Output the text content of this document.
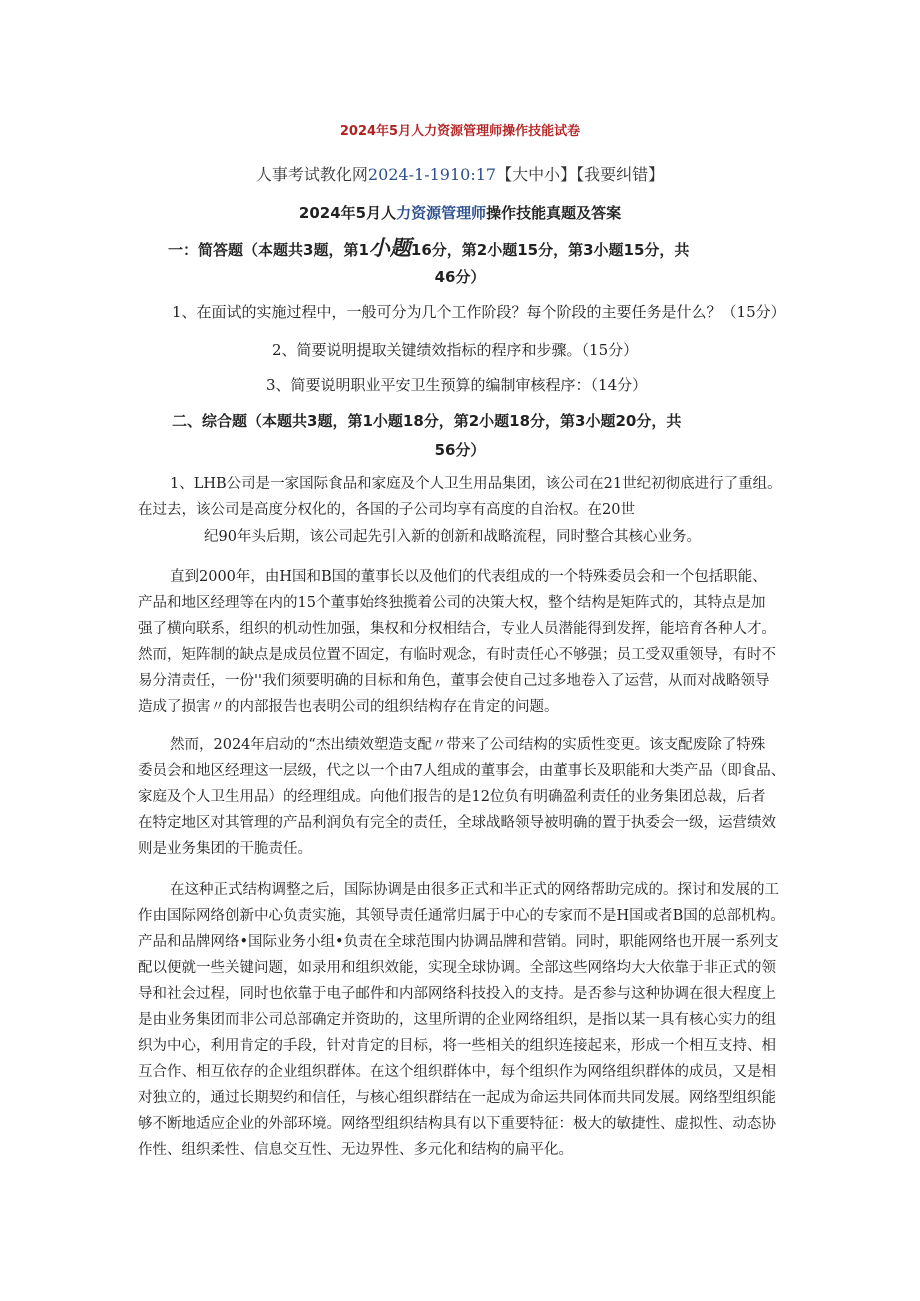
2024年5月人力资源管理师操作技能试卷
人事考试教化网2024-1-1910:17【大中小】【我要纠错】
2024年5月人力资源管理师操作技能真题及答案
一：简答题（本题共3题，第1小题16分，第2小题15分，第3小题15分，共
46分）
1、在面试的实施过程中，一般可分为几个工作阶段？每个阶段的主要任务是什么？（15分）
2、简要说明提取关键绩效指标的程序和步骤。（15分）
3、简要说明职业平安卫生预算的编制审核程序：（14分）
二、综合题（本题共3题，第1小题18分，第2小题18分，第3小题20分，共
56分）
1、LHB公司是一家国际食品和家庭及个人卫生用品集团，该公司在21世纪初彻底进行了重组。
在过去，该公司是高度分权化的，各国的子公司均享有高度的自治权。在20世
纪90年头后期，该公司起先引入新的创新和战略流程，同时整合其核心业务。
直到2000年，由H国和B国的董事长以及他们的代表组成的一个特殊委员会和一个包括职能、
产品和地区经理等在内的15个董事始终独揽着公司的决策大权，整个结构是矩阵式的，其特点是加
强了横向联系，组织的机动性加强，集权和分权相结合，专业人员潜能得到发挥，能培育各种人才。
然而，矩阵制的缺点是成员位置不固定，有临时观念，有时责任心不够强；员工受双重领导，有时不
易分清责任，一份''我们须要明确的目标和角色，董事会使自己过多地卷入了运营，从而对战略领导
造成了损害〃的内部报告也表明公司的组织结构存在肯定的问题。
然而，2024年启动的“杰出绩效塑造支配〃带来了公司结构的实质性变更。该支配废除了特殊
委员会和地区经理这一层级，代之以一个由7人组成的董事会，由董事长及职能和大类产品（即食品、
家庭及个人卫生用品）的经理组成。向他们报告的是12位负有明确盈利责任的业务集团总裁，后者
在特定地区对其管理的产品利润负有完全的责任，全球战略领导被明确的置于执委会一级，运营绩效
则是业务集团的干脆责任。
在这种正式结构调整之后，国际协调是由很多正式和半正式的网络帮助完成的。探讨和发展的工
作由国际网络创新中心负责实施，其领导责任通常归属于中心的专家而不是H国或者B国的总部机构。
产品和品牌网络•国际业务小组•负责在全球范围内协调品牌和营销。同时，职能网络也开展一系列支
配以便就一些关键问题，如录用和组织效能，实现全球协调。全部这些网络均大大依靠于非正式的领
导和社会过程，同时也依靠于电子邮件和内部网络科技投入的支持。是否参与这种协调在很大程度上
是由业务集团而非公司总部确定并资助的，这里所谓的企业网络组织，是指以某一具有核心实力的组
织为中心，利用肯定的手段，针对肯定的目标，将一些相关的组织连接起来，形成一个相互支持、相
互合作、相互依存的企业组织群体。在这个组织群体中，每个组织作为网络组织群体的成员，又是相
对独立的，通过长期契约和信任，与核心组织群结在一起成为命运共同体而共同发展。网络型组织能
够不断地适应企业的外部环境。网络型组织结构具有以下重要特征：极大的敏捷性、虚拟性、动态协
作性、组织柔性、信息交互性、无边界性、多元化和结构的扁平化。
